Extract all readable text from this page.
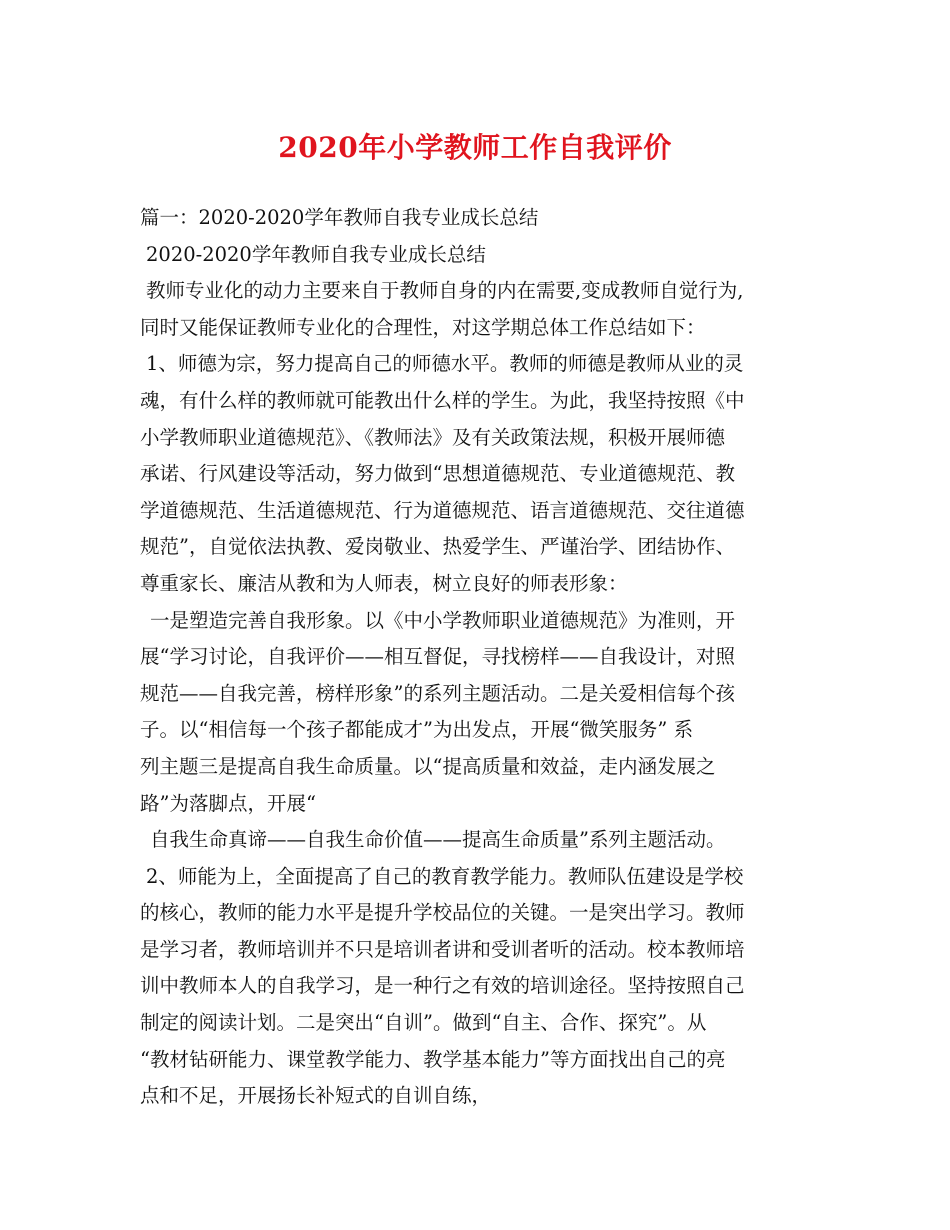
2020年小学教师工作自我评价
篇一：2020-2020学年教师自我专业成长总结
2020-2020学年教师自我专业成长总结
教师专业化的动力主要来自于教师自身的内在需要,变成教师自觉行为,
同时又能保证教师专业化的合理性，对这学期总体工作总结如下：
1、师德为宗，努力提高自己的师德水平。教师的师德是教师从业的灵
魂，有什么样的教师就可能教出什么样的学生。为此，我坚持按照《中
小学教师职业道德规范》、《教师法》及有关政策法规，积极开展师德
承诺、行风建设等活动，努力做到“思想道德规范、专业道德规范、教
学道德规范、生活道德规范、行为道德规范、语言道德规范、交往道德
规范”，自觉依法执教、爱岗敬业、热爱学生、严谨治学、团结协作、
尊重家长、廉洁从教和为人师表，树立良好的师表形象：
一是塑造完善自我形象。以《中小学教师职业道德规范》为准则，开
展“学习讨论，自我评价——相互督促，寻找榜样——自我设计，对照
规范——自我完善，榜样形象”的系列主题活动。二是关爱相信每个孩
子。以“相信每一个孩子都能成才”为出发点，开展“微笑服务” 系
列主题三是提高自我生命质量。以“提高质量和效益，走内涵发展之
路”为落脚点，开展“
自我生命真谛——自我生命价值——提高生命质量”系列主题活动。
2、师能为上，全面提高了自己的教育教学能力。教师队伍建设是学校
的核心，教师的能力水平是提升学校品位的关键。一是突出学习。教师
是学习者，教师培训并不只是培训者讲和受训者听的活动。校本教师培
训中教师本人的自我学习，是一种行之有效的培训途径。坚持按照自己
制定的阅读计划。二是突出“自训”。做到“自主、合作、探究”。从
“教材钻研能力、课堂教学能力、教学基本能力”等方面找出自己的亮
点和不足，开展扬长补短式的自训自练，
